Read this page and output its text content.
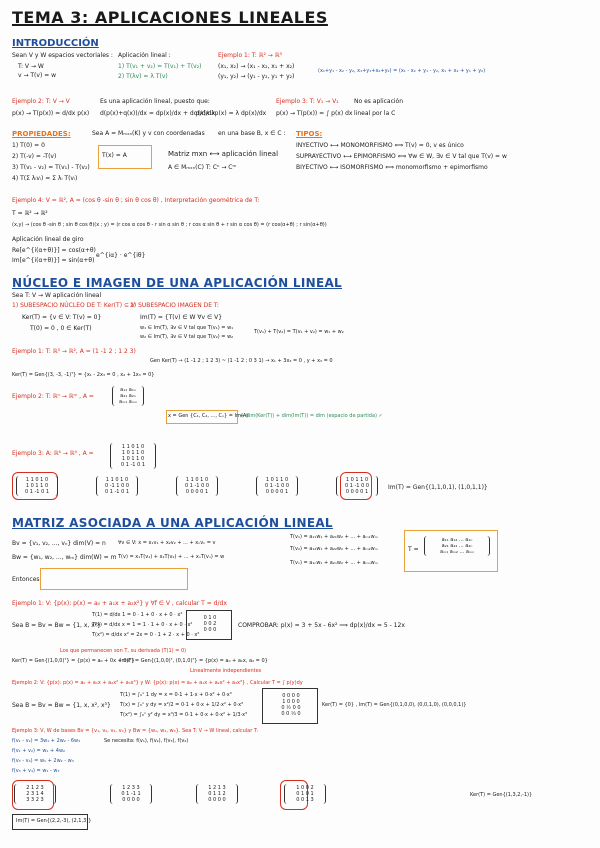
TEMA 3: APLICACIONES LINEALES
INTRODUCCIÓN
Sean V y W espacios vectoriales :
T: V → W
v → T(v) = w
Aplicación lineal :
1) T(v₁ + v₂) = T(v₁) + T(v₂)
2) T(λv) = λ T(v)
Ejemplo 1: T: ℝ² → ℝ³
(x₁, x₂) → (x₁ - x₂, x₁ + x₂)
(y₁, y₂) → (y₁ - y₂, y₁ + y₂)
(x₁+y₁ - x₂ - y₂, x₁+y₁+x₂+y₂) = (x₁ - x₂ + y₁ - y₂, x₁ + x₂ + y₁ + y₂)
Ejemplo 2: T: V → V	Es una aplicación lineal, puesto que:
p(x) → T(p(x)) = d/dx p(x) d(p(x)+q(x))/dx = dp(x)/dx + dq(x)/dx
d/dx λp(x) = λ dp(x)/dx
Ejemplo 3: T: V₁ → V₁	No es aplicación
p(x) → T(p(x)) = ∫ p(x) dx lineal por la C
PROPIEDADES:
1) T(0) = 0
2) T(-v) = -T(v)
3) T(v₁ - v₂) = T(v₁) - T(v₂)
4) T(Σ λᵢvᵢ) = Σ λᵢ T(vᵢ)
Sea A = Mₘₓₙ(K) y v con coordenadas en una base B, x ∈ C :
T(x) = A	Matriz mxn ⟷ aplicación lineal
A ∈ Mₘₓₙ(C) T: Cⁿ → Cᵐ
TIPOS:
INYECTIVO ⟷ MONOMORFISMO ⟺ T(v) = 0, v es único
SUPRAYECTIVO ⟷ EPIMORFISMO ⟺ ∀w ∈ W, ∃v ∈ V tal que T(v) = w
BIYECTIVO ⟷ ISOMORFISMO ⟺ monomorfismo + epimorfismo
Ejemplo 4: V = ℝ², A = (cos θ -sin θ ; sin θ cos θ) , Interpretación geométrica de T:
T = ℝ² → ℝ²
(x,y) → (cos θ -sin θ ; sin θ cos θ)(x ; y) = (r cos α cos θ - r sin α sin θ ; r cos α sin θ + r sin α cos θ) = (r cos(α+θ) ; r sin(α+θ))
Aplicación lineal de giro
Re[e^{i(α+θ)}] = cos(α+θ)
Im[e^{i(α+θ)}] = sin(α+θ)
e^{iα} · e^{iθ}
NÚCLEO E IMAGEN DE UNA APLICACIÓN LINEAL
Sea T: V → W aplicación lineal
1) SUBESPACIO NÚCLEO DE T: Ker(T) ⊆ V
Ker(T) = {v ∈ V: T(v) = 0}
T(0) = 0 , 0 ∈ Ker(T)
2) SUBESPACIO IMAGEN DE T:
Im(T) = {T(v) ∈ W ∀v ∈ V}
w₁ ∈ Im(T), ∃v ∈ V tal que T(v₁) = w₁
w₂ ∈ Im(T), ∃v ∈ V tal que T(v₂) = w₂
T(v₁) + T(v₂) = T(v₁ + v₂) = w₁ + w₂
Ejemplo 1: T: ℝ³ → ℝ², A = (1 -1 2 ; 1 2 3)
Ker(T) = Gen{(3, -3, -1)ᵀ} = {x₁ - 2x₃ = 0 , x₂ + 1x₃ = 0}
Gen Ker(T) → (1 -1 2 ; 1 2 3) ~ (1 -1 2 ; 0 3 1) → x₁ + 3x₃ = 0 , y + x₃ = 0
Ejemplo 2: T: ℝⁿ → ℝᵐ , A =
a₁₁ a₁ₙ
a₂₁ a₂ₙ
aₘ₁ aₘₙ
x = Gen {C₁, C₂, ..., Cₙ} = Im(A)
+ dim(Ker(T)) + dim(Im(T)) = dim (espacio de partida) ✓
Ejemplo 3: A: ℝ⁶ → ℝ⁴ , A =
1 1 0 1 0
1 0 1 1 0
1 0 1 1 0
0 1 -1 0 1
1 1 0 1 0
1 0 1 1 0
0 1 -1 0 1
1 1 0 1 0
0 -1 1 0 0
0 1 -1 0 1
1 1 0 1 0
0 1 -1 0 0
0 0 0 0 1
1 0 1 1 0
0 1 -1 0 0
0 0 0 0 1
1 0 1 1 0
0 1 -1 0 0
0 0 0 0 1
Im(T) = Gen{(1,1,0,1), (1,0,1,1)}
MATRIZ ASOCIADA A UNA APLICACIÓN LINEAL
Bv = {v₁, v₂, ..., vₙ} dim(V) = n
Bw = {w₁, w₂, ..., wₘ} dim(W) = m
∀v ∈ V: x = x₁v₁ + x₂v₂ + ... + xₙvₙ = v
T(v) = x₁T(v₁) + x₂T(v₂) + ... + xₙT(vₙ) = w
T(v₁) = a₁₁w₁ + a₂₁w₂ + ... + aₘ₁wₘ
T(v₂) = a₁₂w₁ + a₂₂w₂ + ... + aₘ₂wₘ
T(vₙ) = a₁ₙw₁ + a₂ₙw₂ + ... + aₘₙwₘ
T =
a₁₁ a₁₂ ... a₁ₙ
a₂₁ a₂₂ ... a₂ₙ
aₘ₁ aₘ₂ ... aₘₙ
Entonces:
Ejemplo 1: V: {p(x): p(x) = a₀ + a₁x + a₂x²} y ∀f ∈ V , calcular T = d/dx
Sea B = Bv = Bw = {1, x, x²}
T(1) = d/dx 1 = 0 · 1 + 0 · x + 0 · x²
T(x) = d/dx x = 1 = 1 · 1 + 0 · x + 0 · x²
T(x²) = d/dx x² = 2x = 0 · 1 + 2 · x + 0 · x²
0 1 0
0 0 2
0 0 0
COMPROBAR: p(x) = 3 + 5x - 6x² ⟹ dp(x)/dx = 5 - 12x
Los que permanecen son T, su derivada (T(1) = 0)
Ker(T) = Gen{(1,0,0)ᵀ} = {p(x) = a₀ + 0x + 0x²}
Im(T) = Gen{(1,0,0)ᵀ, (0,1,0)ᵀ} = {p(x) = a₀ + a₁x, a₂ = 0}
Linealmente independientes
Ejemplo 2: V: {p(x): p(x) = a₀ + a₁x + a₂x² + a₃x³} y W: {p(x): p(x) = a₀ + a₁x + a₂x² + a₃x³} , Calcular T = ∫ p(y)dy
Sea B = Bv = Bw = {1, x, x², x³}
T(1) = ∫₀ˣ 1 dy = x = 0·1 + 1·x + 0·x² + 0·x³
T(x) = ∫₀ˣ y dy = x²/2 = 0·1 + 0·x + 1/2·x² + 0·x³
T(x²) = ∫₀ˣ y² dy = x³/3 = 0·1 + 0·x + 0·x² + 1/3·x³
0 0 0 0
1 0 0 0
0 ½ 0 0
0 0 ⅓ 0
Ker(T) = {0} , Im(T) = Gen{(0,1,0,0), (0,0,1,0), (0,0,0,1)}
Ejemplo 3: V, W de bases Bv = {v₁, v₂, v₃, v₄} y Bw = {w₁, w₂, w₃}. Sea T: V → W lineal, calcular T:
f(v₁ - v₂) = 3w₁ + 2w₂ - 6w₃
f(v₁ + v₂) = w₁ + 4w₂
f(v₃ - v₄) = w₁ + 2w₂ - w₃
f(v₃ + v₄) = w₁ - w₃
Se necesita: f(v₁), f(v₂), f(v₃), f(v₄)
2 1 2 3
2 3 1 4
3 3 2 3
1 2 3 3
0 1 -1 1
0 0 0 0
1 2 1 3
0 1 1 2
0 0 0 0
1 0 0 2
0 1 0 1
0 0 1 3
Ker(T) = Gen{(1,3,2,-1)}
Im(T) = Gen{(2,2,-3), (2,1,3)}
